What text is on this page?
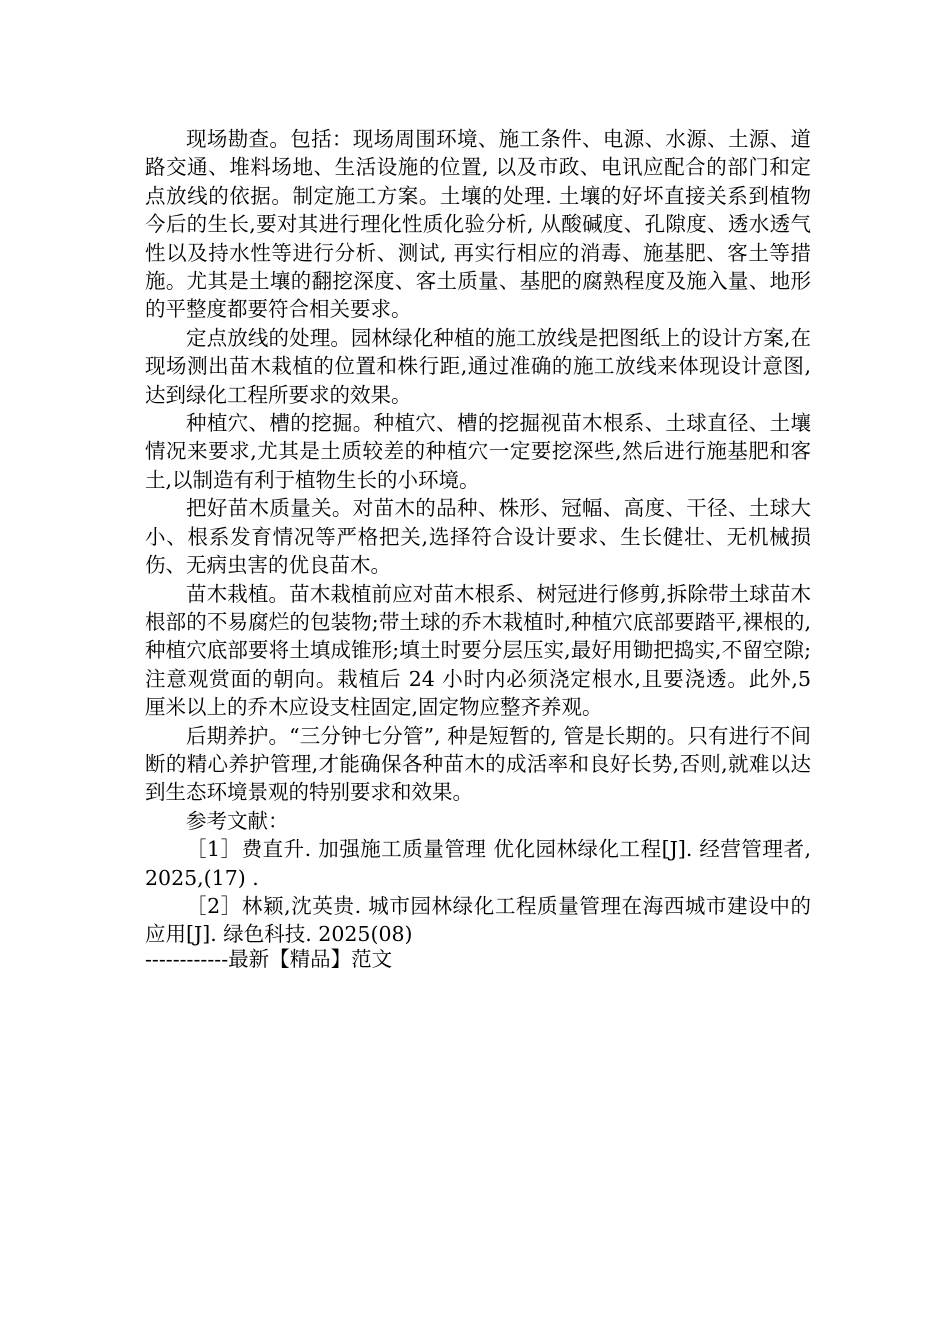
现场勘查。包括：现场周围环境、施工条件、电源、水源、土源、道路交通、堆料场地、生活设施的位置, 以及市政、电讯应配合的部门和定点放线的依据。制定施工方案。土壤的处理. 土壤的好坏直接关系到植物今后的生长,要对其进行理化性质化验分析, 从酸碱度、孔隙度、透水透气性以及持水性等进行分析、测试, 再实行相应的消毒、施基肥、客土等措施。尤其是土壤的翻挖深度、客土质量、基肥的腐熟程度及施入量、地形的平整度都要符合相关要求。

定点放线的处理。园林绿化种植的施工放线是把图纸上的设计方案,在现场测出苗木栽植的位置和株行距,通过准确的施工放线来体现设计意图,达到绿化工程所要求的效果。

种植穴、槽的挖掘。种植穴、槽的挖掘视苗木根系、土球直径、土壤情况来要求,尤其是土质较差的种植穴一定要挖深些,然后进行施基肥和客土,以制造有利于植物生长的小环境。

把好苗木质量关。对苗木的品种、株形、冠幅、高度、干径、土球大小、根系发育情况等严格把关,选择符合设计要求、生长健壮、无机械损伤、无病虫害的优良苗木。

苗木栽植。苗木栽植前应对苗木根系、树冠进行修剪,拆除带土球苗木根部的不易腐烂的包装物;带土球的乔木栽植时,种植穴底部要踏平,裸根的,种植穴底部要将土填成锥形;填土时要分层压实,最好用锄把捣实,不留空隙;注意观赏面的朝向。栽植后 24 小时内必须浇定根水,且要浇透。此外,5 厘米以上的乔木应设支柱固定,固定物应整齐养观。

后期养护。“三分钟七分管”, 种是短暂的, 管是长期的。只有进行不间断的精心养护管理,才能确保各种苗木的成活率和良好长势,否则,就难以达到生态环境景观的特别要求和效果。

参考文献：

［1］费直升. 加强施工质量管理 优化园林绿化工程[J]. 经营管理者, 2025,(17) .

［2］林颖,沈英贵. 城市园林绿化工程质量管理在海西城市建设中的应用[J]. 绿色科技. 2025(08)

------------最新【精品】范文
